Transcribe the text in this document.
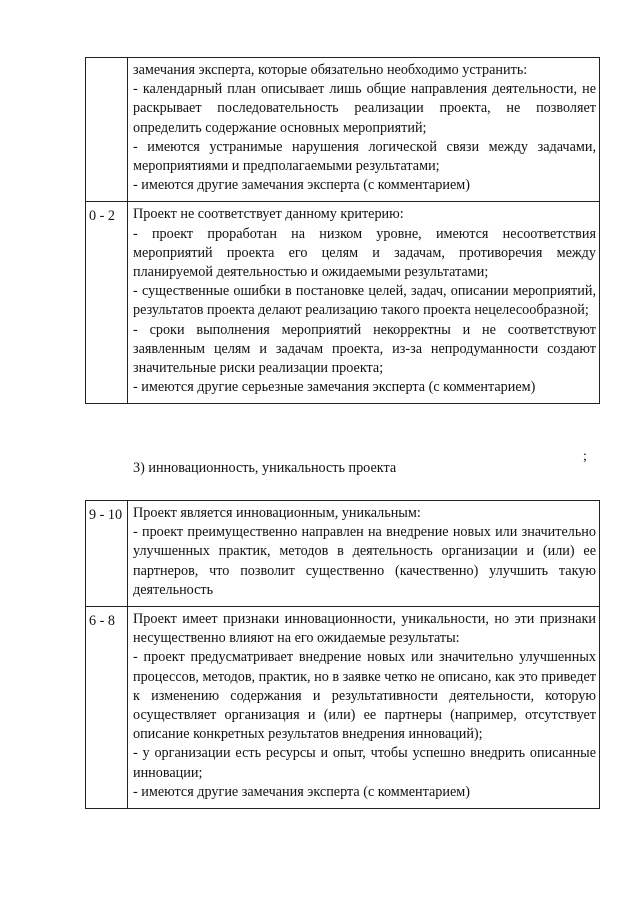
	замечания эксперта, которые обязательно необходимо устранить:
- календарный план описывает лишь общие направления деятельности, не раскрывает последовательность реализации проекта, не позволяет определить содержание основных мероприятий;
- имеются устранимые нарушения логической связи между задачами, мероприятиями и предполагаемыми результатами;
- имеются другие замечания эксперта (с комментарием)

0 - 2	Проект не соответствует данному критерию:
- проект проработан на низком уровне, имеются несоответствия мероприятий проекта его целям и задачам, противоречия между планируемой деятельностью и ожидаемыми результатами;
- существенные ошибки в постановке целей, задач, описании мероприятий, результатов проекта делают реализацию такого проекта нецелесообразной;
- сроки выполнения мероприятий некорректны и не соответствуют заявленным целям и задачам проекта, из-за непродуманности создают значительные риски реализации проекта;
- имеются другие серьезные замечания эксперта (с комментарием)
;
3) инновационность, уникальность проекта
9 - 10	Проект является инновационным, уникальным:
- проект преимущественно направлен на внедрение новых или значительно улучшенных практик, методов в деятельность организации и (или) ее партнеров, что позволит существенно (качественно) улучшить такую деятельность

6 - 8	Проект имеет признаки инновационности, уникальности, но эти признаки несущественно влияют на его ожидаемые результаты:
- проект предусматривает внедрение новых или значительно улучшенных процессов, методов, практик, но в заявке четко не описано, как это приведет к изменению содержания и результативности деятельности, которую осуществляет организация и (или) ее партнеры (например, отсутствует описание конкретных результатов внедрения инноваций);
- у организации есть ресурсы и опыт, чтобы успешно внедрить описанные инновации;
- имеются другие замечания эксперта (с комментарием)
